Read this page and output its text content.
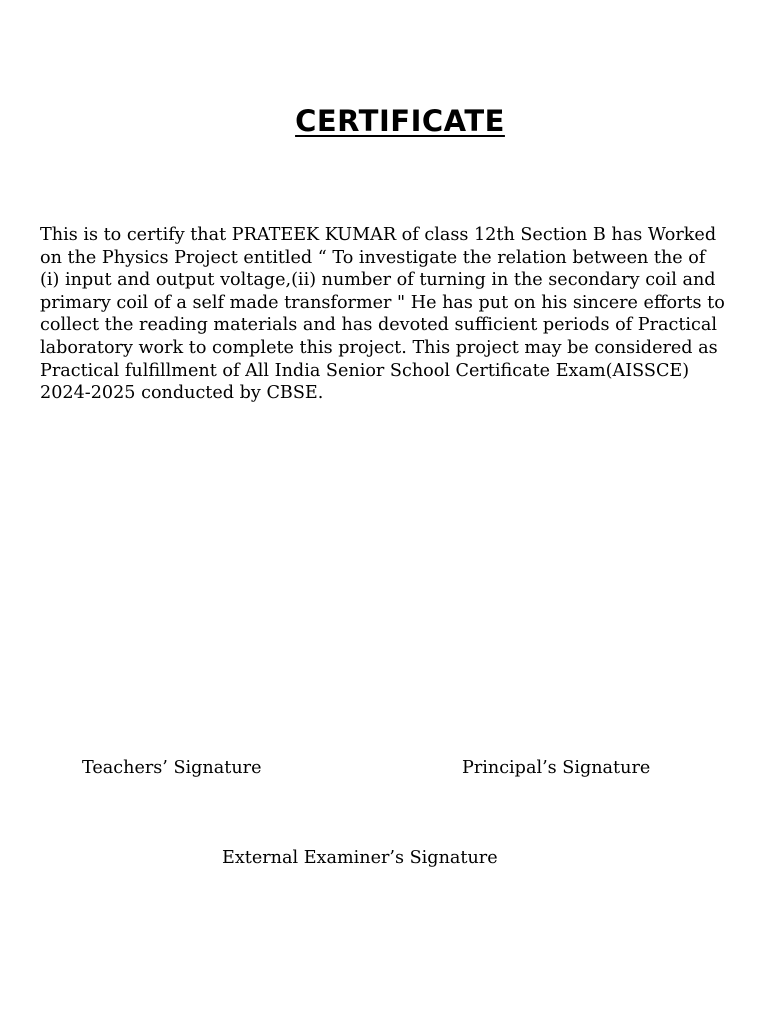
CERTIFICATE

This is to certify that PRATEEK KUMAR of class 12th Section B has Worked on the Physics Project entitled “ To investigate the relation between the of (i) input and output voltage,(ii) number of turning in the secondary coil and primary coil of a self made transformer " He has put on his sincere efforts to collect the reading materials and has devoted sufficient periods of Practical laboratory work to complete this project. This project may be considered as Practical fulfillment of All India Senior School Certificate Exam(AISSCE) 2024-2025 conducted by CBSE.

Teachers’ Signature	Principal’s Signature
External Examiner’s Signature
